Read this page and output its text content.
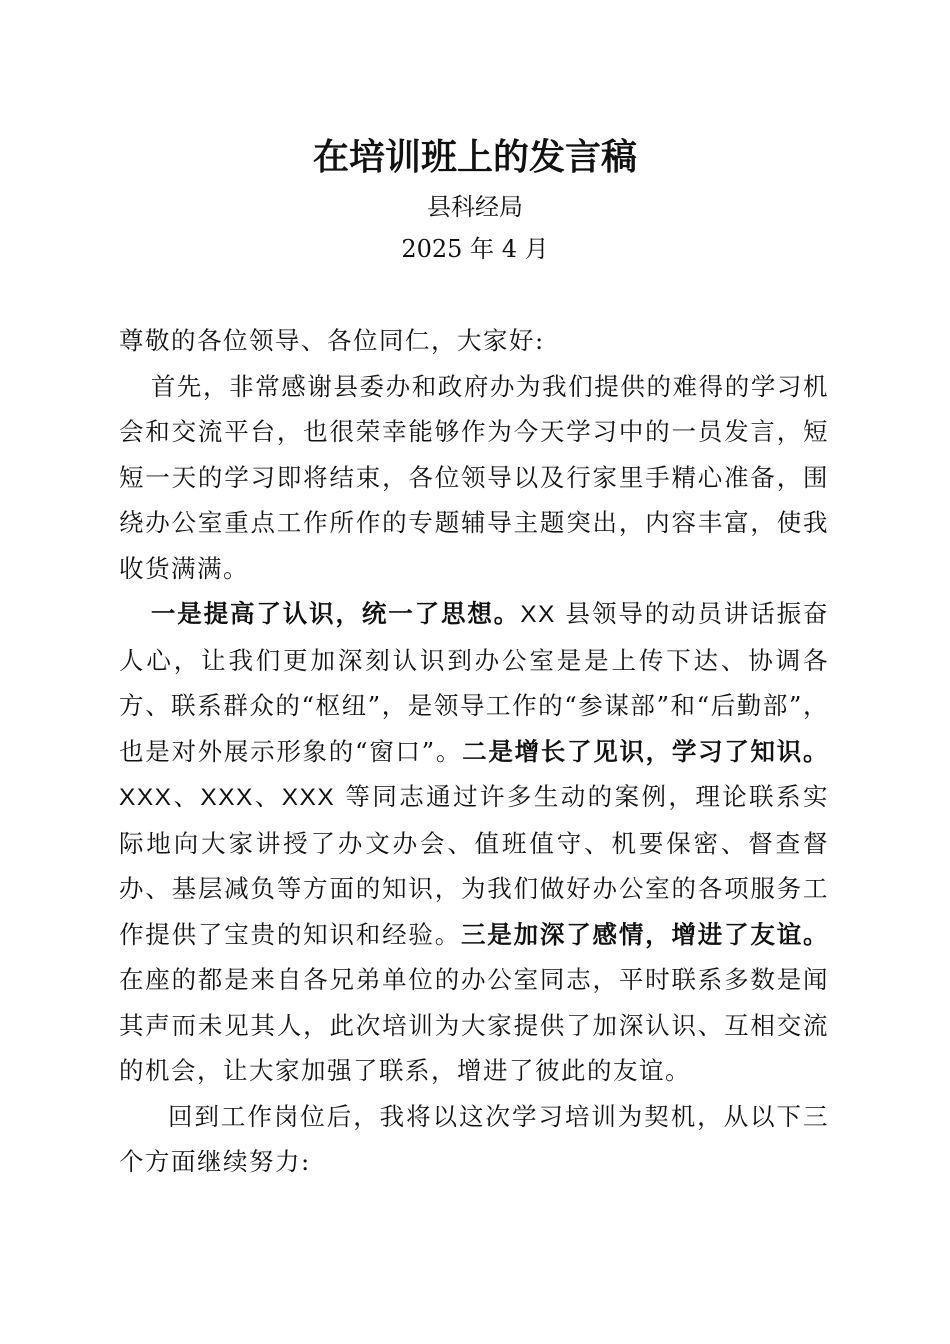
在培训班上的发言稿
县科经局
2025 年 4 月

尊敬的各位领导、各位同仁，大家好:

首先，非常感谢县委办和政府办为我们提供的难得的学习机会和交流平台，也很荣幸能够作为今天学习中的一员发言，短短一天的学习即将结束，各位领导以及行家里手精心准备，围绕办公室重点工作所作的专题辅导主题突出，内容丰富，使我收货满满。

一是提高了认识，统一了思想。XX 县领导的动员讲话振奋人心，让我们更加深刻认识到办公室是是上传下达、协调各方、联系群众的“枢纽”，是领导工作的“参谋部”和“后勤部”，也是对外展示形象的“窗口”。二是增长了见识，学习了知识。XXX、XXX、XXX 等同志通过许多生动的案例，理论联系实际地向大家讲授了办文办会、值班值守、机要保密、督查督办、基层减负等方面的知识，为我们做好办公室的各项服务工作提供了宝贵的知识和经验。三是加深了感情，增进了友谊。在座的都是来自各兄弟单位的办公室同志，平时联系多数是闻其声而未见其人，此次培训为大家提供了加深认识、互相交流的机会，让大家加强了联系，增进了彼此的友谊。

回到工作岗位后，我将以这次学习培训为契机，从以下三个方面继续努力:
